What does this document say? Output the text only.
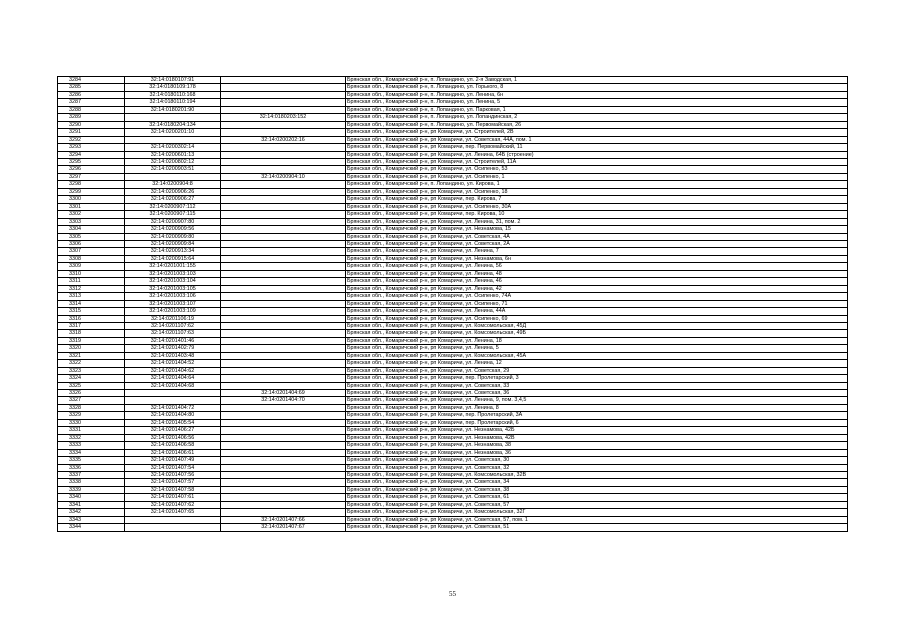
3284	32:14:0180107:91		Брянская обл., Комаричский р-н, п. Лопандино, ул. 2-я Заводская, 1
3285	32:14:0180109:178		Брянская обл., Комаричский р-н, п. Лопандино, ул. Горького, 8
3286	32:14:0180110:168		Брянская обл., Комаричский р-н, п. Лопандино, ул. Ленина, 6н
3287	32:14:0180110:194		Брянская обл., Комаричский р-н, п. Лопандино, ул. Ленина, 5
3288	32:14:0180201:90		Брянская обл., Комаричский р-н, п. Лопандино, ул. Парковая, 1
3289		32:14:0180203:152	Брянская обл., Комаричский р-н, п. Лопандино, ул. Лопандинская, 2
3290	32:14:0180204:134		Брянская обл., Комаричский р-н, п. Лопандино, ул. Первомайская, 26
3291	32:14:0200201:10		Брянская обл., Комаричский р-н, рп Комаричи, ул. Строителей, 2В
3292		32:14:0200202:16	Брянская обл., Комаричский р-н, рп Комаричи, ул. Советская, 44А, пом. 1
3293	32:14:0200302:14		Брянская обл., Комаричский р-н, рп Комаричи, пер. Первомайский, 11
3294	32:14:0200601:13		Брянская обл., Комаричский р-н, рп Комаричи, ул. Ленина, 64Б (строение)
3295	32:14:0200802:12		Брянская обл., Комаричский р-н, рп Комаричи, ул. Строителей, 11А
3296	32:14:0200903:51		Брянская обл., Комаричский р-н, рп Комаричи, ул. Осипенко, 53
3297		32:14:0200904:10	Брянская обл., Комаричский р-н, рп Комаричи, ул. Осипенко, 1
3298	32:14:0200904:8		Брянская обл., Комаричский р-н, п. Лопандино, ул. Кирова, 1
3299	32:14:0200906:26		Брянская обл., Комаричский р-н, рп Комаричи, ул. Осипенко, 18
3300	32:14:0200906:27		Брянская обл., Комаричский р-н, рп Комаричи, пер. Кирова, 7
3301	32:14:0200907:112		Брянская обл., Комаричский р-н, рп Комаричи, ул. Осипенко, 30А
3302	32:14:0200907:115		Брянская обл., Комаричский р-н, рп Комаричи, пер. Кирова, 10
3303	32:14:0200907:80		Брянская обл., Комаричский р-н, рп Комаричи, ул. Ленина, 31, пом. 2
3304	32:14:0200909:56		Брянская обл., Комаричский р-н, рп Комаричи, ул. Незнамова, 15
3305	32:14:0200909:80		Брянская обл., Комаричский р-н, рп Комаричи, ул. Советская, 4А
3306	32:14:0200909:84		Брянская обл., Комаричский р-н, рп Комаричи, ул. Советская, 2А
3307	32:14:0200913:34		Брянская обл., Комаричский р-н, рп Комаричи, ул. Ленина, 7
3308	32:14:0200915:64		Брянская обл., Комаричский р-н, рп Комаричи, ул. Незнамова, 6н
3309	32:14:0201001:155		Брянская обл., Комаричский р-н, рп Комаричи, ул. Ленина, 56
3310	32:14:0201003:103		Брянская обл., Комаричский р-н, рп Комаричи, ул. Ленина, 48
3311	32:14:0201003:104		Брянская обл., Комаричский р-н, рп Комаричи, ул. Ленина, 46
3312	32:14:0201003:105		Брянская обл., Комаричский р-н, рп Комаричи, ул. Ленина, 42
3313	32:14:0201003:106		Брянская обл., Комаричский р-н, рп Комаричи, ул. Осипенко, 74А
3314	32:14:0201003:107		Брянская обл., Комаричский р-н, рп Комаричи, ул. Осипенко, 71
3315	32:14:0201003:109		Брянская обл., Комаричский р-н, рп Комаричи, ул. Ленина, 44А
3316	32:14:0201106:19		Брянская обл., Комаричский р-н, рп Комаричи, ул. Осипенко, 69
3317	32:14:0201107:62		Брянская обл., Комаричский р-н, рп Комаричи, ул. Комсомольская, 45Д
3318	32:14:0201107:63		Брянская обл., Комаричский р-н, рп Комаричи, ул. Комсомольская, 49Б
3319	32:14:0201401:46		Брянская обл., Комаричский р-н, рп Комаричи, ул. Ленина, 18
3320	32:14:0201402:79		Брянская обл., Комаричский р-н, рп Комаричи, ул. Ленина, 5
3321	32:14:0201403:48		Брянская обл., Комаричский р-н, рп Комаричи, ул. Комсомольская, 45А
3322	32:14:0201404:52		Брянская обл., Комаричский р-н, рп Комаричи, ул. Ленина, 12
3323	32:14:0201404:62		Брянская обл., Комаричский р-н, рп Комаричи, ул. Советская, 29
3324	32:14:0201404:64		Брянская обл., Комаричский р-н, рп Комаричи, пер. Пролетарский, 3
3325	32:14:0201404:68		Брянская обл., Комаричский р-н, рп Комаричи, ул. Советская, 33
3326		32:14:0201404:69	Брянская обл., Комаричский р-н, рп Комаричи, ул. Советская, 36
3327		32:14:0201404:70	Брянская обл., Комаричский р-н, рп Комаричи, ул. Ленина, 9, пом. 3,4,5
3328	32:14:0201404:72		Брянская обл., Комаричский р-н, рп Комаричи, ул. Ленина, 8
3329	32:14:0201404:80		Брянская обл., Комаричский р-н, рп Комаричи, пер. Пролетарский, 3А
3330	32:14:0201405:54		Брянская обл., Комаричский р-н, рп Комаричи, пер. Пролетарский, 6
3331	32:14:0201406:27		Брянская обл., Комаричский р-н, рп Комаричи, ул. Незнамова, 42Б
3332	32:14:0201406:56		Брянская обл., Комаричский р-н, рп Комаричи, ул. Незнамова, 42В
3333	32:14:0201406:58		Брянская обл., Комаричский р-н, рп Комаричи, ул. Незнамова, 38
3334	32:14:0201406:61		Брянская обл., Комаричский р-н, рп Комаричи, ул. Незнамова, 36
3335	32:14:0201407:49		Брянская обл., Комаричский р-н, рп Комаричи, ул. Советская, 30
3336	32:14:0201407:54		Брянская обл., Комаричский р-н, рп Комаричи, ул. Советская, 32
3337	32:14:0201407:56		Брянская обл., Комаричский р-н, рп Комаричи, ул. Комсомольская, 32В
3338	32:14:0201407:57		Брянская обл., Комаричский р-н, рп Комаричи, ул. Советская, 34
3339	32:14:0201407:58		Брянская обл., Комаричский р-н, рп Комаричи, ул. Советская, 38
3340	32:14:0201407:61		Брянская обл., Комаричский р-н, рп Комаричи, ул. Советская, 61
3341	32:14:0201407:62		Брянская обл., Комаричский р-н, рп Комаричи, ул. Советская, 57
3342	32:14:0201407:65		Брянская обл., Комаричский р-н, рп Комаричи, ул. Комсомольская, 32Г
3343		32:14:0201407:66	Брянская обл., Комаричский р-н, рп Комаричи, ул. Советская, 57, пом. 1
3344		32:14:0201407:67	Брянская обл., Комаричский р-н, рп Комаричи, ул. Советская, 51
55
